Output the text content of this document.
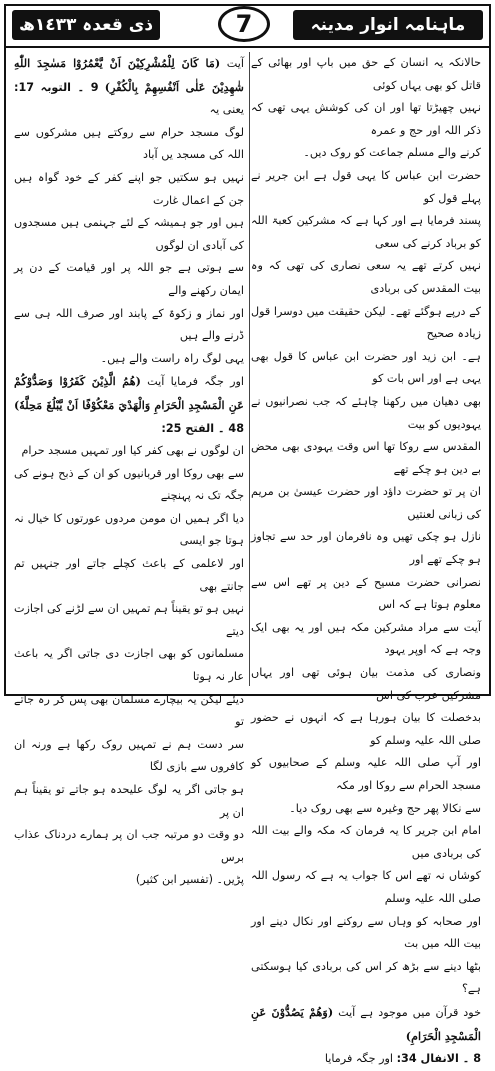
ذی قعدہ ١٤٣٣ھ	7	ماہنامہ انوار مدینہ

حالانکہ یہ انسان کے حق میں باپ اور بھائی کے قاتل کو بھی یہاں کوئی

نہیں چھیڑتا تھا اور ان کی کوشش یہی تھی کہ ذکر اللہ اور حج و عمرہ

کرنے والے مسلم جماعت کو روک دیں۔

حضرت ابن عباس کا یہی قول ہے ابن جریر نے پہلے قول کو

پسند فرمایا ہے اور کہا ہے کہ مشرکین کعبۃ اللہ کو برباد کرنے کی سعی

نہیں کرتے تھے یہ سعی نصاری کی تھی کہ وہ بیت المقدس کی بربادی

کے درپے ہوگئے تھے۔ لیکن حقیقت میں دوسرا قول زیادہ صحیح

ہے۔ ابن زید اور حضرت ابن عباس کا قول بھی یہی ہے اور اس بات کو

بھی دھیان میں رکھنا چاہئے کہ جب نصرانیوں نے یہودیوں کو بیت

المقدس سے روکا تھا اس وقت یہودی بھی محض بے دین ہو چکے تھے

ان پر تو حضرت داؤد اور حضرت عیسیٰ بن مریم کی زبانی لعنتیں

نازل ہو چکی تھیں وہ نافرمان اور حد سے تجاوز ہو چکے تھے اور

نصرانی حضرت مسیح کے دین پر تھے اس سے معلوم ہوتا ہے کہ اس

آیت سے مراد مشرکین مکہ ہیں اور یہ بھی ایک وجہ ہے کہ اوپر یہود

ونصاری کی مذمت بیان ہوئی تھی اور یہاں مشرکین عرب کی اس

بدخصلت کا بیان ہورہا ہے کہ انہوں نے حضور صلی اللہ علیہ وسلم کو

اور آپ صلی اللہ علیہ وسلم کے صحابیوں کو مسجد الحرام سے روکا اور مکہ

سے نکالا پھر حج وغیرہ سے بھی روک دیا۔

امام ابن جریر کا یہ فرمان کہ مکہ والے بیت اللہ کی بربادی میں

کوشاں نہ تھے اس کا جواب یہ ہے کہ رسول اللہ صلی اللہ علیہ وسلم

اور صحابہ کو وہاں سے روکنے اور نکال دینے اور بیت اللہ میں بت

بٹھا دینے سے بڑھ کر اس کی بربادی کیا ہوسکتی ہے؟

خود قرآن میں موجود ہے آیت (وَهُمْ يَصُدُّوْنَ عَنِ الْمَسْجِدِ الْحَرَامِ)

8 ۔ الانفال 34: اور جگہ فرمایا

آیت (مَا كَانَ لِلْمُشْرِكِيْنَ اَنْ يَّعْمُرُوْا مَسٰجِدَ اللّٰهِ شٰهِدِيْنَ عَلٰى اَنْفُسِهِمْ بِالْكُفْرِ) 9 ۔ التوبہ 17: یعنی یہ

لوگ مسجد حرام سے روکتے ہیں مشرکوں سے اللہ کی مسجد یں آباد

نہیں ہو سکتیں جو اپنے کفر کے خود گواہ ہیں جن کے اعمال غارت

ہیں اور جو ہمیشہ کے لئے جہنمی ہیں مسجدوں کی آبادی ان لوگوں

سے ہوتی ہے جو اللہ پر اور قیامت کے دن پر ایمان رکھنے والے

اور نماز و زکوۃ کے پابند اور صرف اللہ ہی سے ڈرنے والے ہیں

یہی لوگ راہ راست والے ہیں۔

اور جگہ فرمایا آیت (هُمُ الَّذِيْنَ كَفَرُوْا وَصَدُّوْكُمْ عَنِ الْمَسْجِدِ الْحَرَامِ وَالْهَدْيَ مَعْكُوْفًا اَنْ يَّبْلُغَ مَحِلَّهٗ) 48 ۔ الفتح 25:

ان لوگوں نے بھی کفر کیا اور تمہیں مسجد حرام

سے بھی روکا اور قربانیوں کو ان کے ذبح ہونے کی جگہ تک نہ پہنچنے

دیا اگر ہمیں ان مومن مردوں عورتوں کا خیال نہ ہوتا جو ایسی

اور لاعلمی کے باعث کچلے جاتے اور جنہیں تم جانتے بھی

نہیں ہو تو یقیناً ہم تمہیں ان سے لڑنے کی اجازت دیتے

مسلمانوں کو بھی اجازت دی جاتی اگر یہ باعث عار نہ ہوتا

دیئے لیکن یہ بیچارے مسلمان بھی پس کر رہ جاتے تو

سر دست ہم نے تمہیں روک رکھا ہے ورنہ ان کافروں سے بازی لگا

ہو جاتی اگر یہ لوگ علیحدہ ہو جاتے تو یقیناً ہم ان پر

دو وقت دو مرتبہ جب ان پر ہمارے دردناک عذاب برس

پڑیں۔ (تفسیر ابن کثیر)
